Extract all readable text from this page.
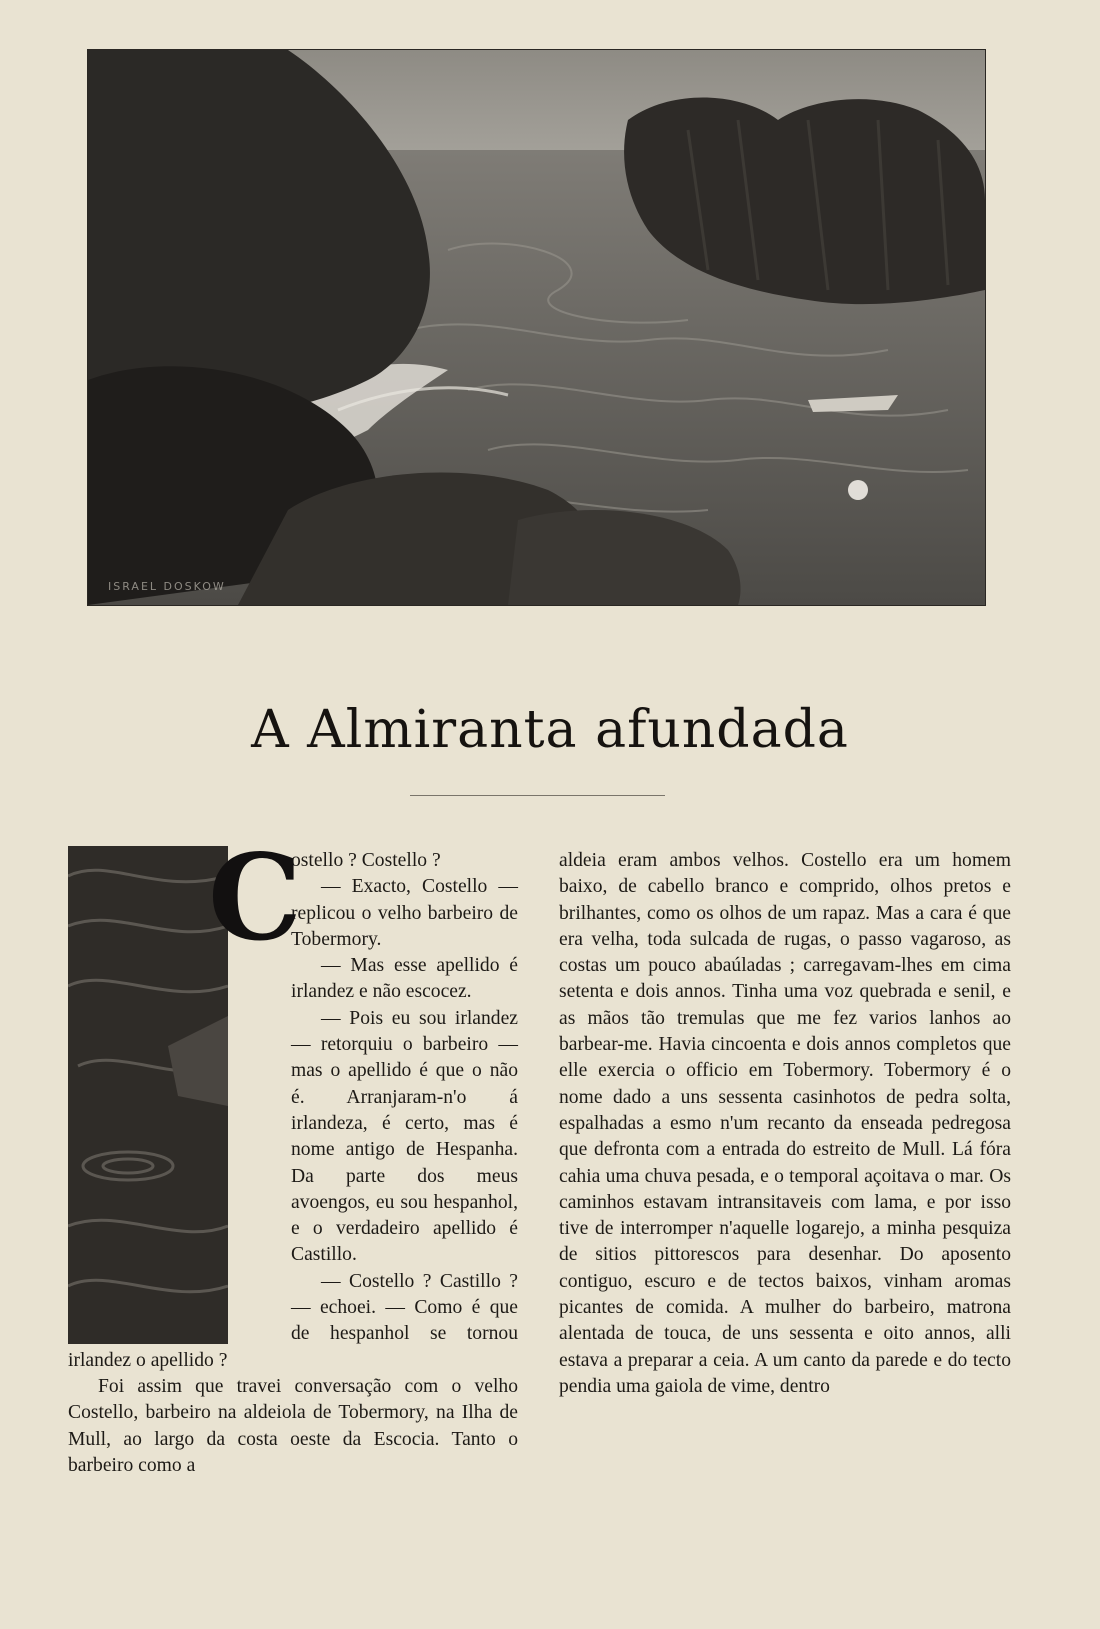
ISRAEL DOSKOW
A Almiranta afundada
C

ostello ? Costello ?

— Exacto, Costello — replicou o velho barbeiro de Tobermory.

— Mas esse apellido é irlandez e não escocez.

— Pois eu sou irlandez — retorquiu o barbeiro — mas o apellido é que o não é. Arranjaram-n'o á irlandeza, é certo, mas é nome antigo de Hespanha. Da parte dos meus avoengos, eu sou hespanhol, e o verdadeiro apellido é Castillo.

— Costello ? Castillo ? — echoei. — Como é que de hespanhol se tornou irlandez o apellido ?

Foi assim que travei conversação com o velho Costello, barbeiro na aldeiola de Tobermory, na Ilha de Mull, ao largo da costa oeste da Escocia. Tanto o barbeiro como a

aldeia eram ambos velhos. Costello era um homem baixo, de cabello branco e comprido, olhos pretos e brilhantes, como os olhos de um rapaz. Mas a cara é que era velha, toda sulcada de rugas, o passo vagaroso, as costas um pouco abaúladas ; carregavam-lhes em cima setenta e dois annos. Tinha uma voz quebrada e senil, e as mãos tão tremulas que me fez varios lanhos ao barbear-me. Havia cincoenta e dois annos completos que elle exercia o officio em Tobermory. Tobermory é o nome dado a uns sessenta casinhotos de pedra solta, espalhadas a esmo n'um recanto da enseada pedregosa que defronta com a entrada do estreito de Mull. Lá fóra cahia uma chuva pesada, e o temporal açoitava o mar. Os caminhos estavam intransitaveis com lama, e por isso tive de interromper n'aquelle logarejo, a minha pesquiza de sitios pittorescos para desenhar. Do aposento contiguo, escuro e de tectos baixos, vinham aromas picantes de comida. A mulher do barbeiro, matrona alentada de touca, de uns sessenta e oito annos, alli estava a preparar a ceia. A um canto da parede e do tecto pendia uma gaiola de vime, dentro
